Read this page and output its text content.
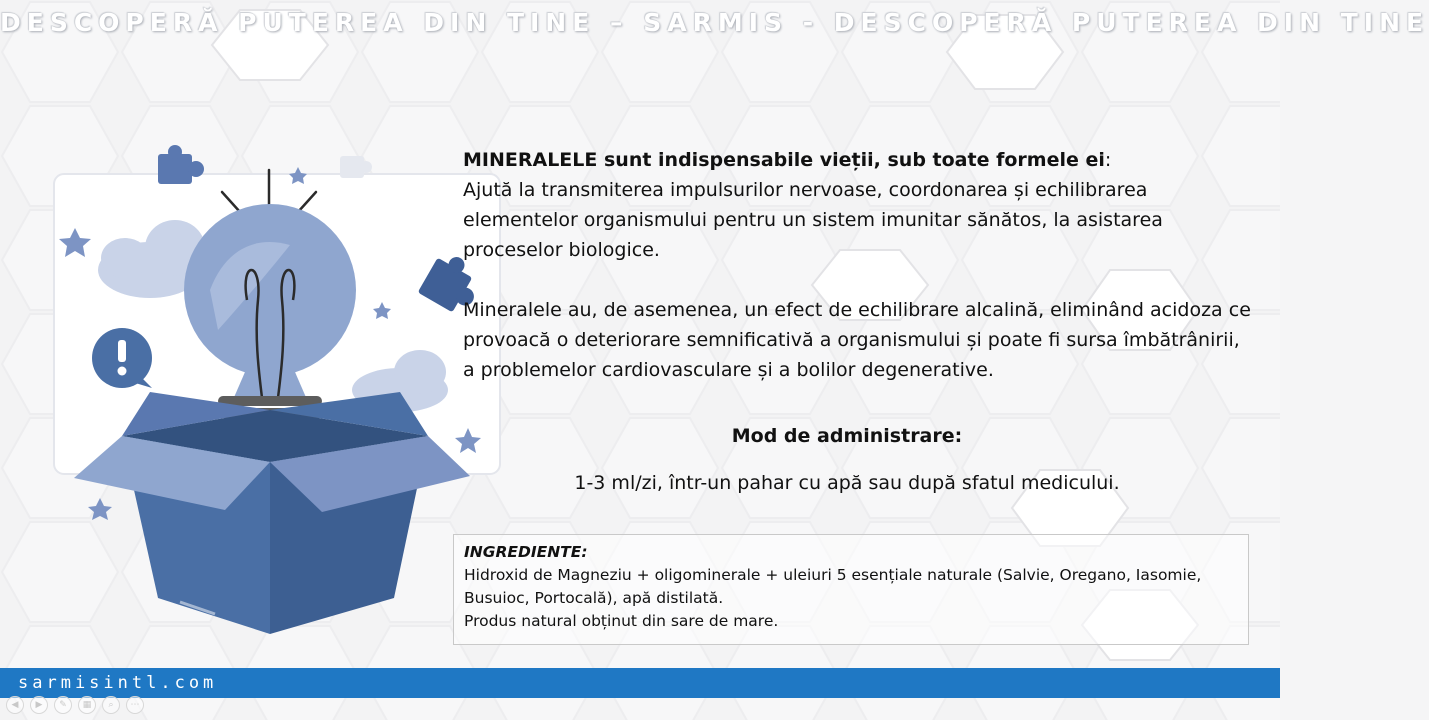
DESCOPERĂ PUTEREA DIN TINE – SARMIS - DESCOPERĂ PUTEREA DIN TINE

MINERALELE sunt indispensabile vieții, sub toate formele ei:

Ajută la transmiterea impulsurilor nervoase, coordonarea și echilibrarea elementelor organismului pentru un sistem imunitar sănătos, la asistarea proceselor biologice.

Mineralele au, de asemenea, un efect de echilibrare alcalină, eliminând acidoza ce provoacă o deteriorare semnificativă a organismului și poate fi sursa îmbătrânirii, a problemelor cardiovasculare și a bolilor degenerative.

Mod de administrare:
1-3 ml/zi, într-un pahar cu apă sau după sfatul medicului.
INGREDIENTE:
Hidroxid de Magneziu + oligominerale + uleiuri 5 esențiale naturale (Salvie, Oregano, Iasomie, Busuioc, Portocală), apă distilată.
Produs natural obținut din sare de mare.
sarmisintl.com
◀	▶	✎	▦	⌕	⋯
